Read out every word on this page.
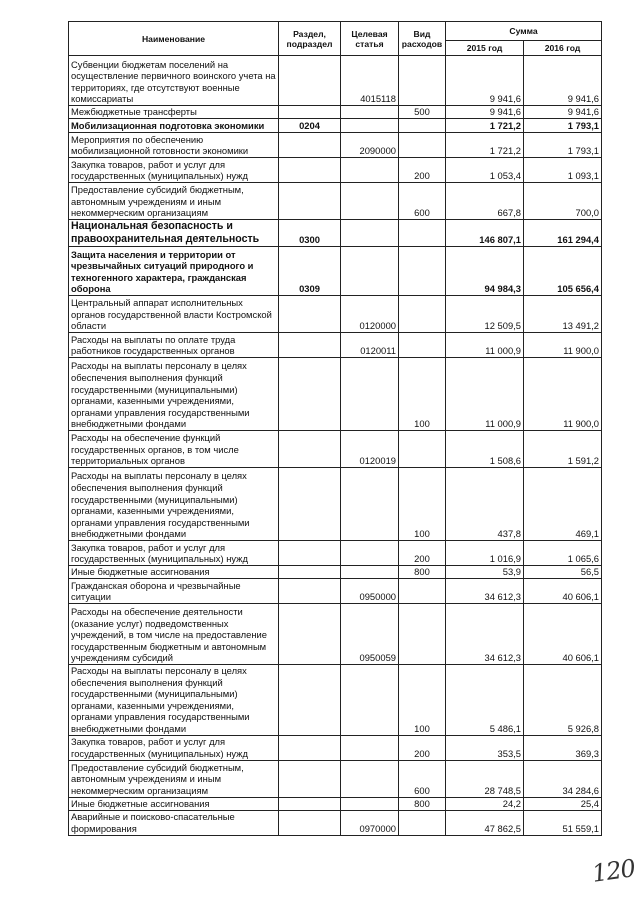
Наименование	Раздел, подраздел	Целевая статья	Вид расходов	Сумма	
				2015 год	2016 год
Субвенции бюджетам поселений на осуществление первичного воинского учета на территориях, где отсутствуют военные комиссариаты		4015118		9 941,6	9 941,6
Межбюджетные трансферты			500	9 941,6	9 941,6
Мобилизационная подготовка экономики	0204			1 721,2	1 793,1
Мероприятия по обеспечению мобилизационной готовности экономики		2090000		1 721,2	1 793,1
Закупка товаров, работ и услуг для государственных (муниципальных) нужд			200	1 053,4	1 093,1
Предоставление субсидий бюджетным, автономным учреждениям и иным некоммерческим организациям			600	667,8	700,0
Национальная безопасность и правоохранительная деятельность	0300			146 807,1	161 294,4
Защита населения и территории от чрезвычайных ситуаций природного и техногенного характера, гражданская оборона	0309			94 984,3	105 656,4
Центральный аппарат исполнительных органов государственной власти Костромской области		0120000		12 509,5	13 491,2
Расходы на выплаты по оплате труда работников государственных органов		0120011		11 000,9	11 900,0
Расходы на выплаты персоналу в целях обеспечения выполнения функций государственными (муниципальными) органами, казенными учреждениями, органами управления государственными внебюджетными фондами			100	11 000,9	11 900,0
Расходы на обеспечение функций государственных органов, в том числе территориальных органов		0120019		1 508,6	1 591,2
Расходы на выплаты персоналу в целях обеспечения выполнения функций государственными (муниципальными) органами, казенными учреждениями, органами управления государственными внебюджетными фондами			100	437,8	469,1
Закупка товаров, работ и услуг для государственных (муниципальных) нужд			200	1 016,9	1 065,6
Иные бюджетные ассигнования			800	53,9	56,5
Гражданская оборона и чрезвычайные ситуации		0950000		34 612,3	40 606,1
Расходы на обеспечение деятельности (оказание услуг) подведомственных учреждений, в том числе на предоставление государственным бюджетным и автономным учреждениям субсидий		0950059		34 612,3	40 606,1
Расходы на выплаты персоналу в целях обеспечения выполнения функций государственными (муниципальными) органами, казенными учреждениями, органами управления государственными внебюджетными фондами			100	5 486,1	5 926,8
Закупка товаров, работ и услуг для государственных (муниципальных) нужд			200	353,5	369,3
Предоставление субсидий бюджетным, автономным учреждениям и иным некоммерческим организациям			600	28 748,5	34 284,6
Иные бюджетные ассигнования			800	24,2	25,4
Аварийные и поисково-спасательные формирования		0970000		47 862,5	51 559,1
120
